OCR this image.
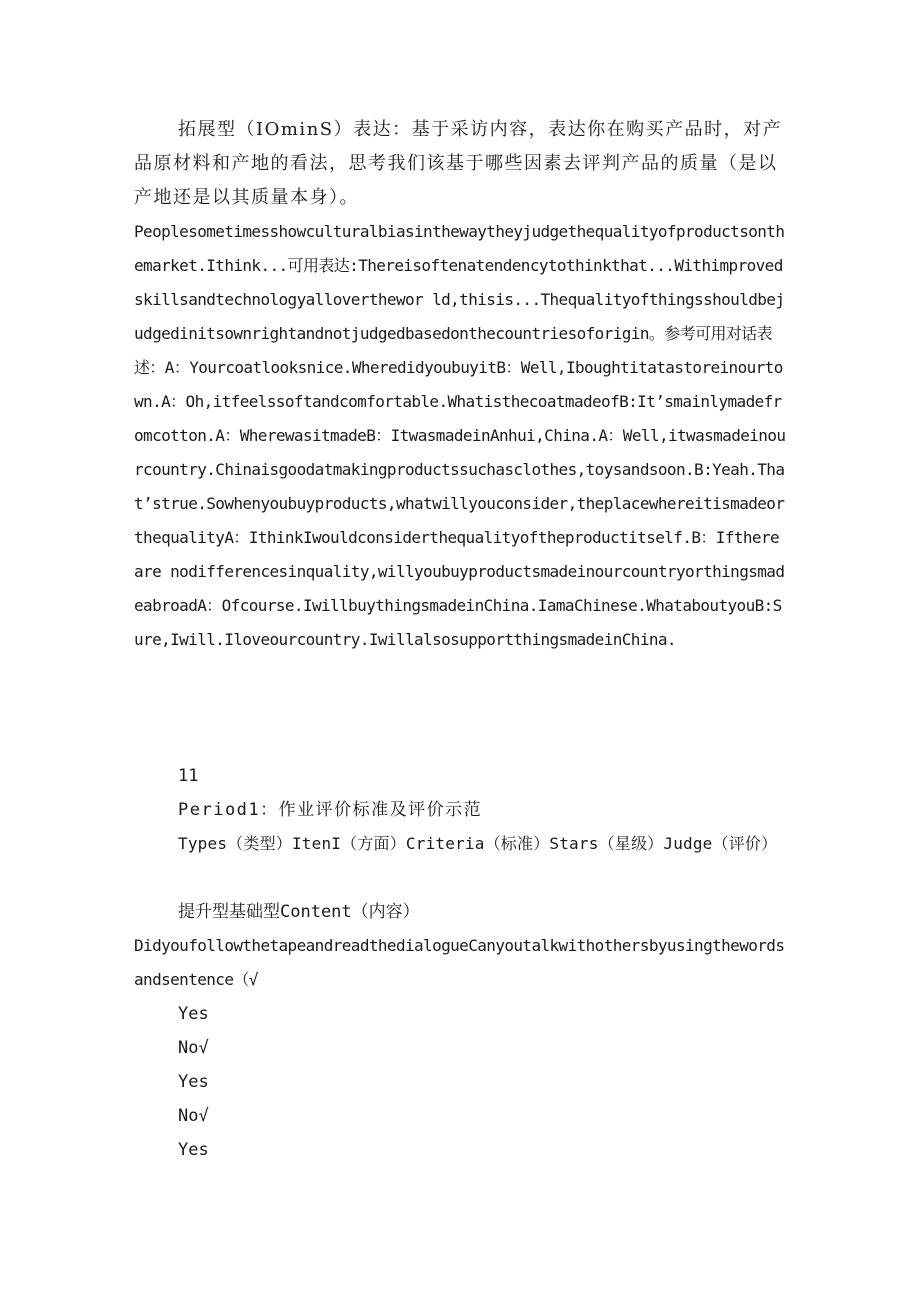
拓展型（IOminS）表达：基于采访内容，表达你在购买产品时，对产品原材料和产地的看法，思考我们该基于哪些因素去评判产品的质量（是以产地还是以其质量本身）。

Peoplesometimesshowculturalbiasinthewaytheyjudgethequalityofproductsonthemarket.Ithink...可用表达:Thereisoftenatendencytothinkthat...Withimprovedskillsandtechnologyalloverthewor ld,thisis...Thequalityofthingsshouldbejudgedinitsownrightandnotjudgedbasedonthecountriesoforigin。参考可用对话表述：A：Yourcoatlooksnice.WheredidyoubuyitB：Well,Iboughtitatastoreinourtown.A：Oh,itfeelssoftandcomfortable.WhatisthecoatmadeofB:It’smainlymadefromcotton.A：WherewasitmadeB：ItwasmadeinAnhui,China.A：Well,itwasmadeinourcountry.Chinaisgoodatmakingproductssuchasclothes,toysandsoon.B:Yeah.That’strue.Sowhenyoubuyproducts,whatwillyouconsider,theplacewhereitismadeorthequalityA：IthinkIwouldconsiderthequalityoftheproductitself.B：Ifthereare nodifferencesinquality,willyoubuyproductsmadeinourcountryorthingsmadeabroadA：Ofcourse.IwillbuythingsmadeinChina.IamaChinese.WhataboutyouB:Sure,Iwill.Iloveourcountry.IwillalsosupportthingsmadeinChina.

11

Period1：作业评价标准及评价示范

Types（类型）ItenI（方面）Criteria（标准）Stars（星级）Judge（评价）

提升型基础型Content（内容）

DidyoufollowthetapeandreadthedialogueCanyoutalkwithothersbyusingthewordsandsentence（√

Yes

No√

Yes

No√

Yes
